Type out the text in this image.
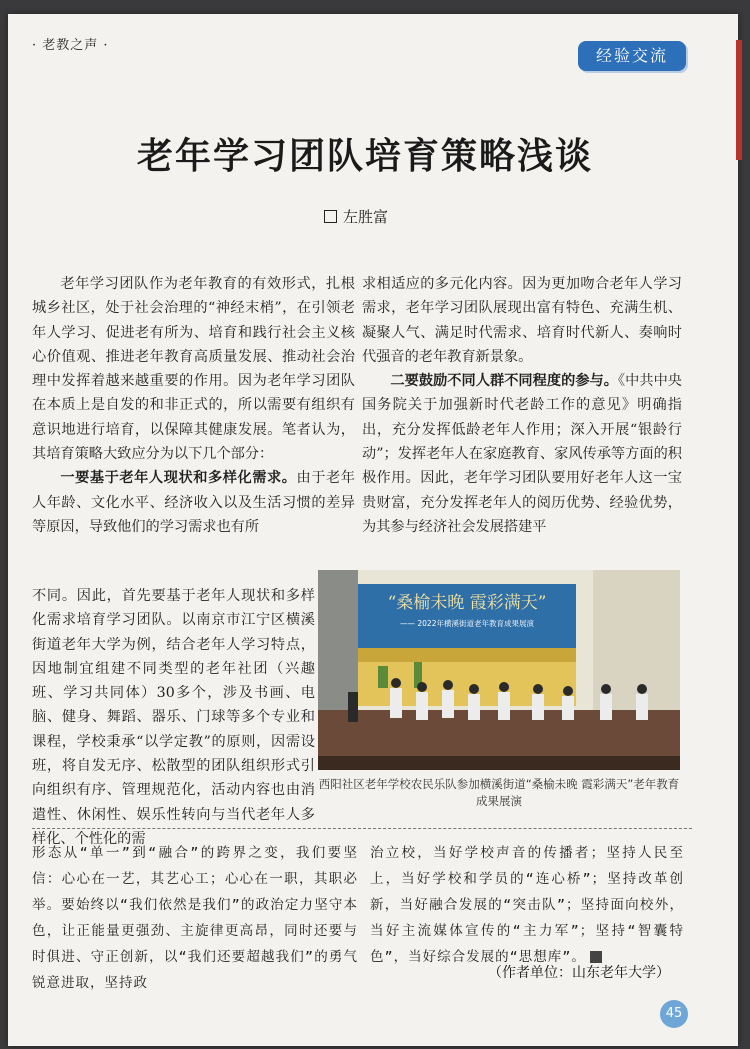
· 老教之声 ·
经验交流
老年学习团队培育策略浅谈
左胜富

老年学习团队作为老年教育的有效形式，扎根城乡社区，处于社会治理的“神经末梢”，在引领老年人学习、促进老有所为、培育和践行社会主义核心价值观、推进老年教育高质量发展、推动社会治理中发挥着越来越重要的作用。因为老年学习团队在本质上是自发的和非正式的，所以需要有组织有意识地进行培育，以保障其健康发展。笔者认为，其培育策略大致应分为以下几个部分：

一要基于老年人现状和多样化需求。由于老年人年龄、文化水平、经济收入以及生活习惯的差异等原因，导致他们的学习需求也有所

不同。因此，首先要基于老年人现状和多样化需求培育学习团队。以南京市江宁区横溪街道老年大学为例，结合老年人学习特点，因地制宜组建不同类型的老年社团（兴趣班、学习共同体）30多个，涉及书画、电脑、健身、舞蹈、器乐、门球等多个专业和课程，学校秉承“以学定教”的原则，因需设班，将自发无序、松散型的团队组织形式引向组织有序、管理规范化，活动内容也由消遣性、休闲性、娱乐性转向与当代老年人多样化、个性化的需

求相适应的多元化内容。因为更加吻合老年人学习需求，老年学习团队展现出富有特色、充满生机、凝聚人气、满足时代需求、培育时代新人、奏响时代强音的老年教育新景象。

二要鼓励不同人群不同程度的参与。《中共中央 国务院关于加强新时代老龄工作的意见》明确指出，充分发挥低龄老年人作用；深入开展“银龄行动”；发挥老年人在家庭教育、家风传承等方面的积极作用。因此，老年学习团队要用好老年人这一宝贵财富，充分发挥老年人的阅历优势、经验优势，为其参与经济社会发展搭建平

“桑榆未晚 霞彩满天”
—— 2022年横溪街道老年教育成果展演
西阳社区老年学校农民乐队参加横溪街道“桑榆未晚 霞彩满天”老年教育成果展演
形态从“单一”到“融合”的跨界之变，我们要坚信：心心在一艺，其艺心工；心心在一职，其职必举。要始终以“我们依然是我们”的政治定力坚守本色，让正能量更强劲、主旋律更高昂，同时还要与时俱进、守正创新，以“我们还要超越我们”的勇气锐意进取，坚持政
治立校，当好学校声音的传播者；坚持人民至上，当好学校和学员的“连心桥”；坚持改革创新，当好融合发展的“突击队”；坚持面向校外，当好主流媒体宣传的“主力军”；坚持“智囊特色”，当好综合发展的“思想库”。
（作者单位：山东老年大学）
45
